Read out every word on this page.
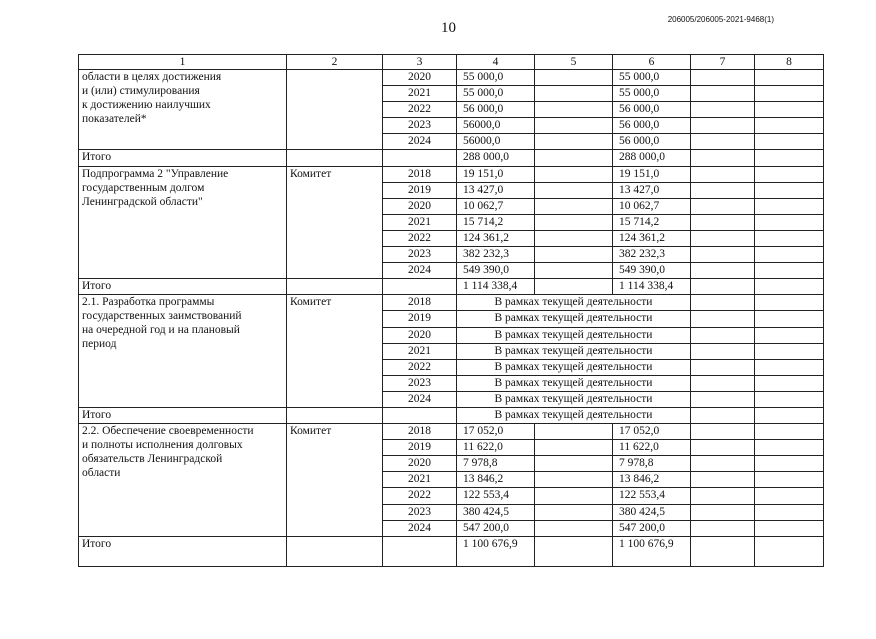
10
206005/206005-2021-9468(1)
1	2	3	4	5	6	7	8

области в целях достижения
и (или) стимулирования
к достижению наилучших
показателей*		2020	55 000,0		55 000,0		
		2021	55 000,0		55 000,0		
		2022	56 000,0		56 000,0		
		2023	56000,0		56 000,0		
		2024	56000,0		56 000,0		
Итого			288 000,0		288 000,0		

Подпрограмма 2 "Управление
государственным долгом
Ленинградской области"	Комитет	2018	19 151,0		19 151,0		
		2019	13 427,0		13 427,0		
		2020	10 062,7		10 062,7		
		2021	15 714,2		15 714,2		
		2022	124 361,2		124 361,2		
		2023	382 232,3		382 232,3		
		2024	549 390,0		549 390,0		
Итого			1 114 338,4		1 114 338,4		

2.1. Разработка программы
государственных заимствований
на очередной год и на плановый
период	Комитет	2018	В рамках текущей деятельности				
		2019	В рамках текущей деятельности				
		2020	В рамках текущей деятельности				
		2021	В рамках текущей деятельности				
		2022	В рамках текущей деятельности				
		2023	В рамках текущей деятельности				
		2024	В рамках текущей деятельности				
Итого			В рамках текущей деятельности				

2.2. Обеспечение своевременности
и полноты исполнения долговых
обязательств Ленинградской
области	Комитет	2018	17 052,0		17 052,0		
		2019	11 622,0		11 622,0		
		2020	7 978,8		7 978,8		
		2021	13 846,2		13 846,2		
		2022	122 553,4		122 553,4		
		2023	380 424,5		380 424,5		
		2024	547 200,0		547 200,0		
Итого			1 100 676,9		1 100 676,9		
